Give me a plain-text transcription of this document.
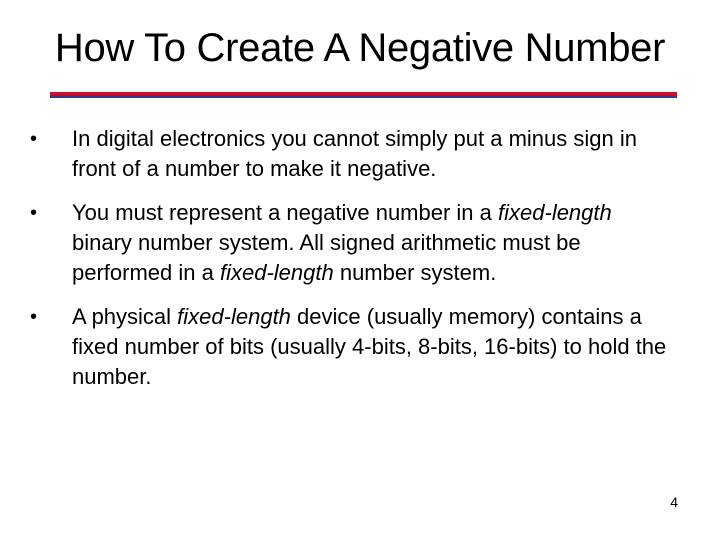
How To Create A Negative Number
•	In digital electronics you cannot simply put a minus sign in front of a number to make it negative.
•	You must represent a negative number in a fixed-length binary number system. All signed arithmetic must be performed in a fixed-length number system.
•	A physical fixed-length device (usually memory) contains a fixed number of bits (usually 4-bits, 8-bits, 16-bits) to hold the number.
4
